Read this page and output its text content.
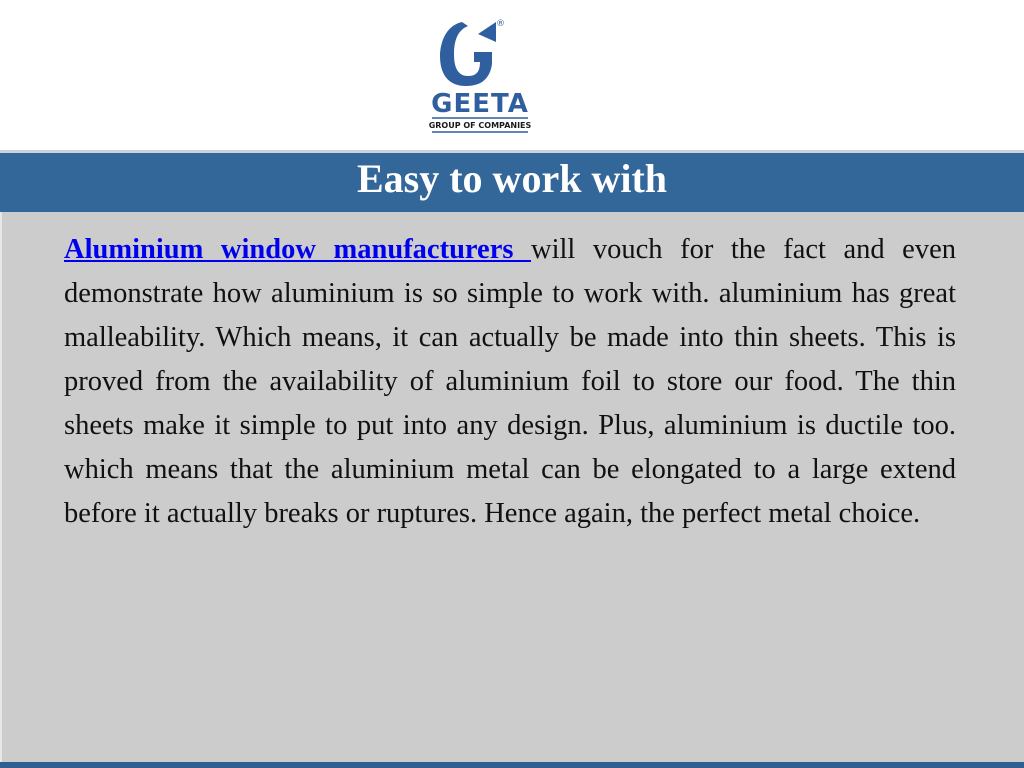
®
GEETA
GROUP OF COMPANIES
Easy to work with

Aluminium window manufacturers will vouch for the fact and even demonstrate how aluminium is so simple to work with. aluminium has great malleability. Which means, it can actually be made into thin sheets. This is proved from the availability of aluminium foil to store our food. The thin sheets make it simple to put into any design. Plus, aluminium is ductile too. which means that the aluminium metal can be elongated to a large extend before it actually breaks or ruptures. Hence again, the perfect metal choice.
